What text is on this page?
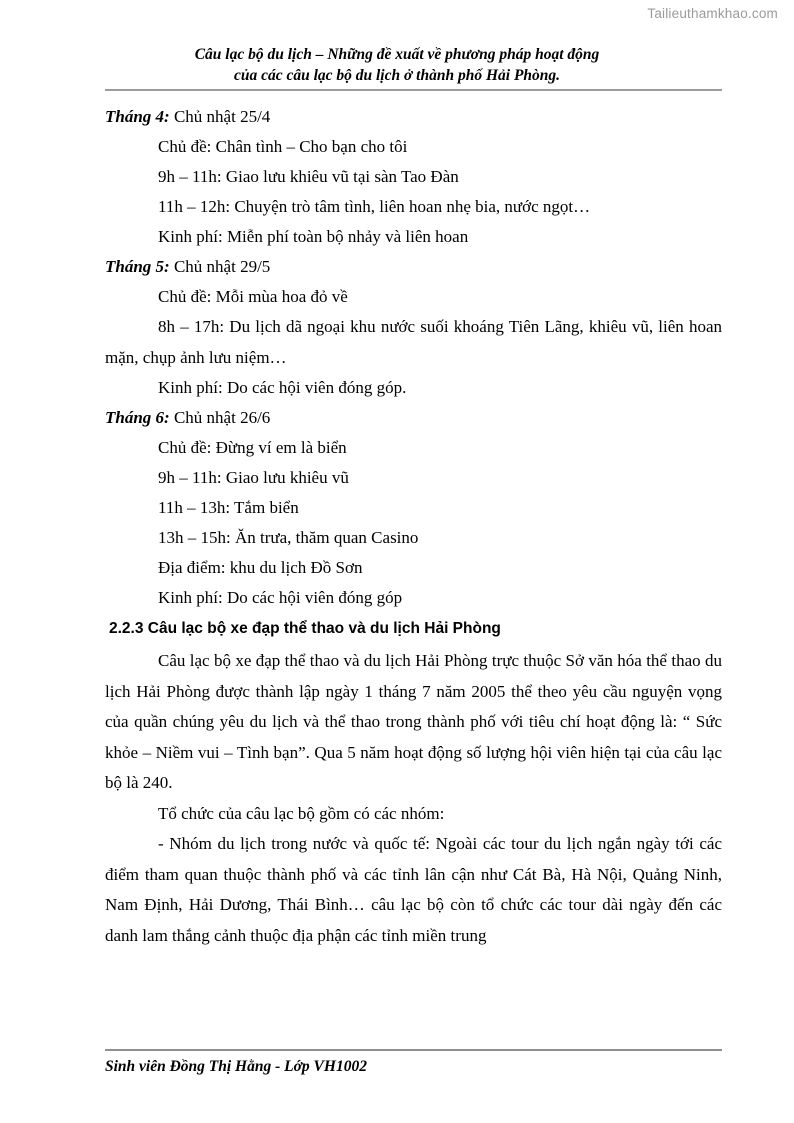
Tailieuthamkhao.com
Câu lạc bộ du lịch – Những đề xuất về phương pháp hoạt động
của các câu lạc bộ du lịch ở thành phố Hải Phòng.
Tháng 4: Chủ nhật 25/4
Chủ đề: Chân tình – Cho bạn cho tôi
9h – 11h: Giao lưu khiêu vũ tại sàn Tao Đàn
11h – 12h: Chuyện trò tâm tình, liên hoan nhẹ bia, nước ngọt…
Kinh phí: Miễn phí toàn bộ nhảy và liên hoan
Tháng 5: Chủ nhật 29/5
Chủ đề: Mỗi mùa hoa đỏ về

8h – 17h: Du lịch dã ngoại khu nước suối khoáng Tiên Lãng, khiêu vũ, liên hoan mặn, chụp ảnh lưu niệm…

Kinh phí: Do các hội viên đóng góp.
Tháng 6: Chủ nhật 26/6
Chủ đề: Đừng ví em là biển
9h – 11h: Giao lưu khiêu vũ
11h – 13h: Tắm biển
13h – 15h: Ăn trưa, thăm quan Casino
Địa điểm: khu du lịch Đồ Sơn
Kinh phí: Do các hội viên đóng góp
2.2.3 Câu lạc bộ xe đạp thể thao và du lịch Hải Phòng

Câu lạc bộ xe đạp thể thao và du lịch Hải Phòng trực thuộc Sở văn hóa thể thao du lịch Hải Phòng được thành lập ngày 1 tháng 7 năm 2005 thể theo yêu cầu nguyện vọng của quần chúng yêu du lịch và thể thao trong thành phố với tiêu chí hoạt động là: “ Sức khỏe – Niềm vui – Tình bạn”. Qua 5 năm hoạt động số lượng hội viên hiện tại của câu lạc bộ là 240.

Tổ chức của câu lạc bộ gồm có các nhóm:

- Nhóm du lịch trong nước và quốc tế: Ngoài các tour du lịch ngắn ngày tới các điểm tham quan thuộc thành phố và các tỉnh lân cận như Cát Bà, Hà Nội, Quảng Ninh, Nam Định, Hải Dương, Thái Bình… câu lạc bộ còn tổ chức các tour dài ngày đến các danh lam thắng cảnh thuộc địa phận các tỉnh miền trung

Sinh viên Đồng Thị Hằng - Lớp VH1002
